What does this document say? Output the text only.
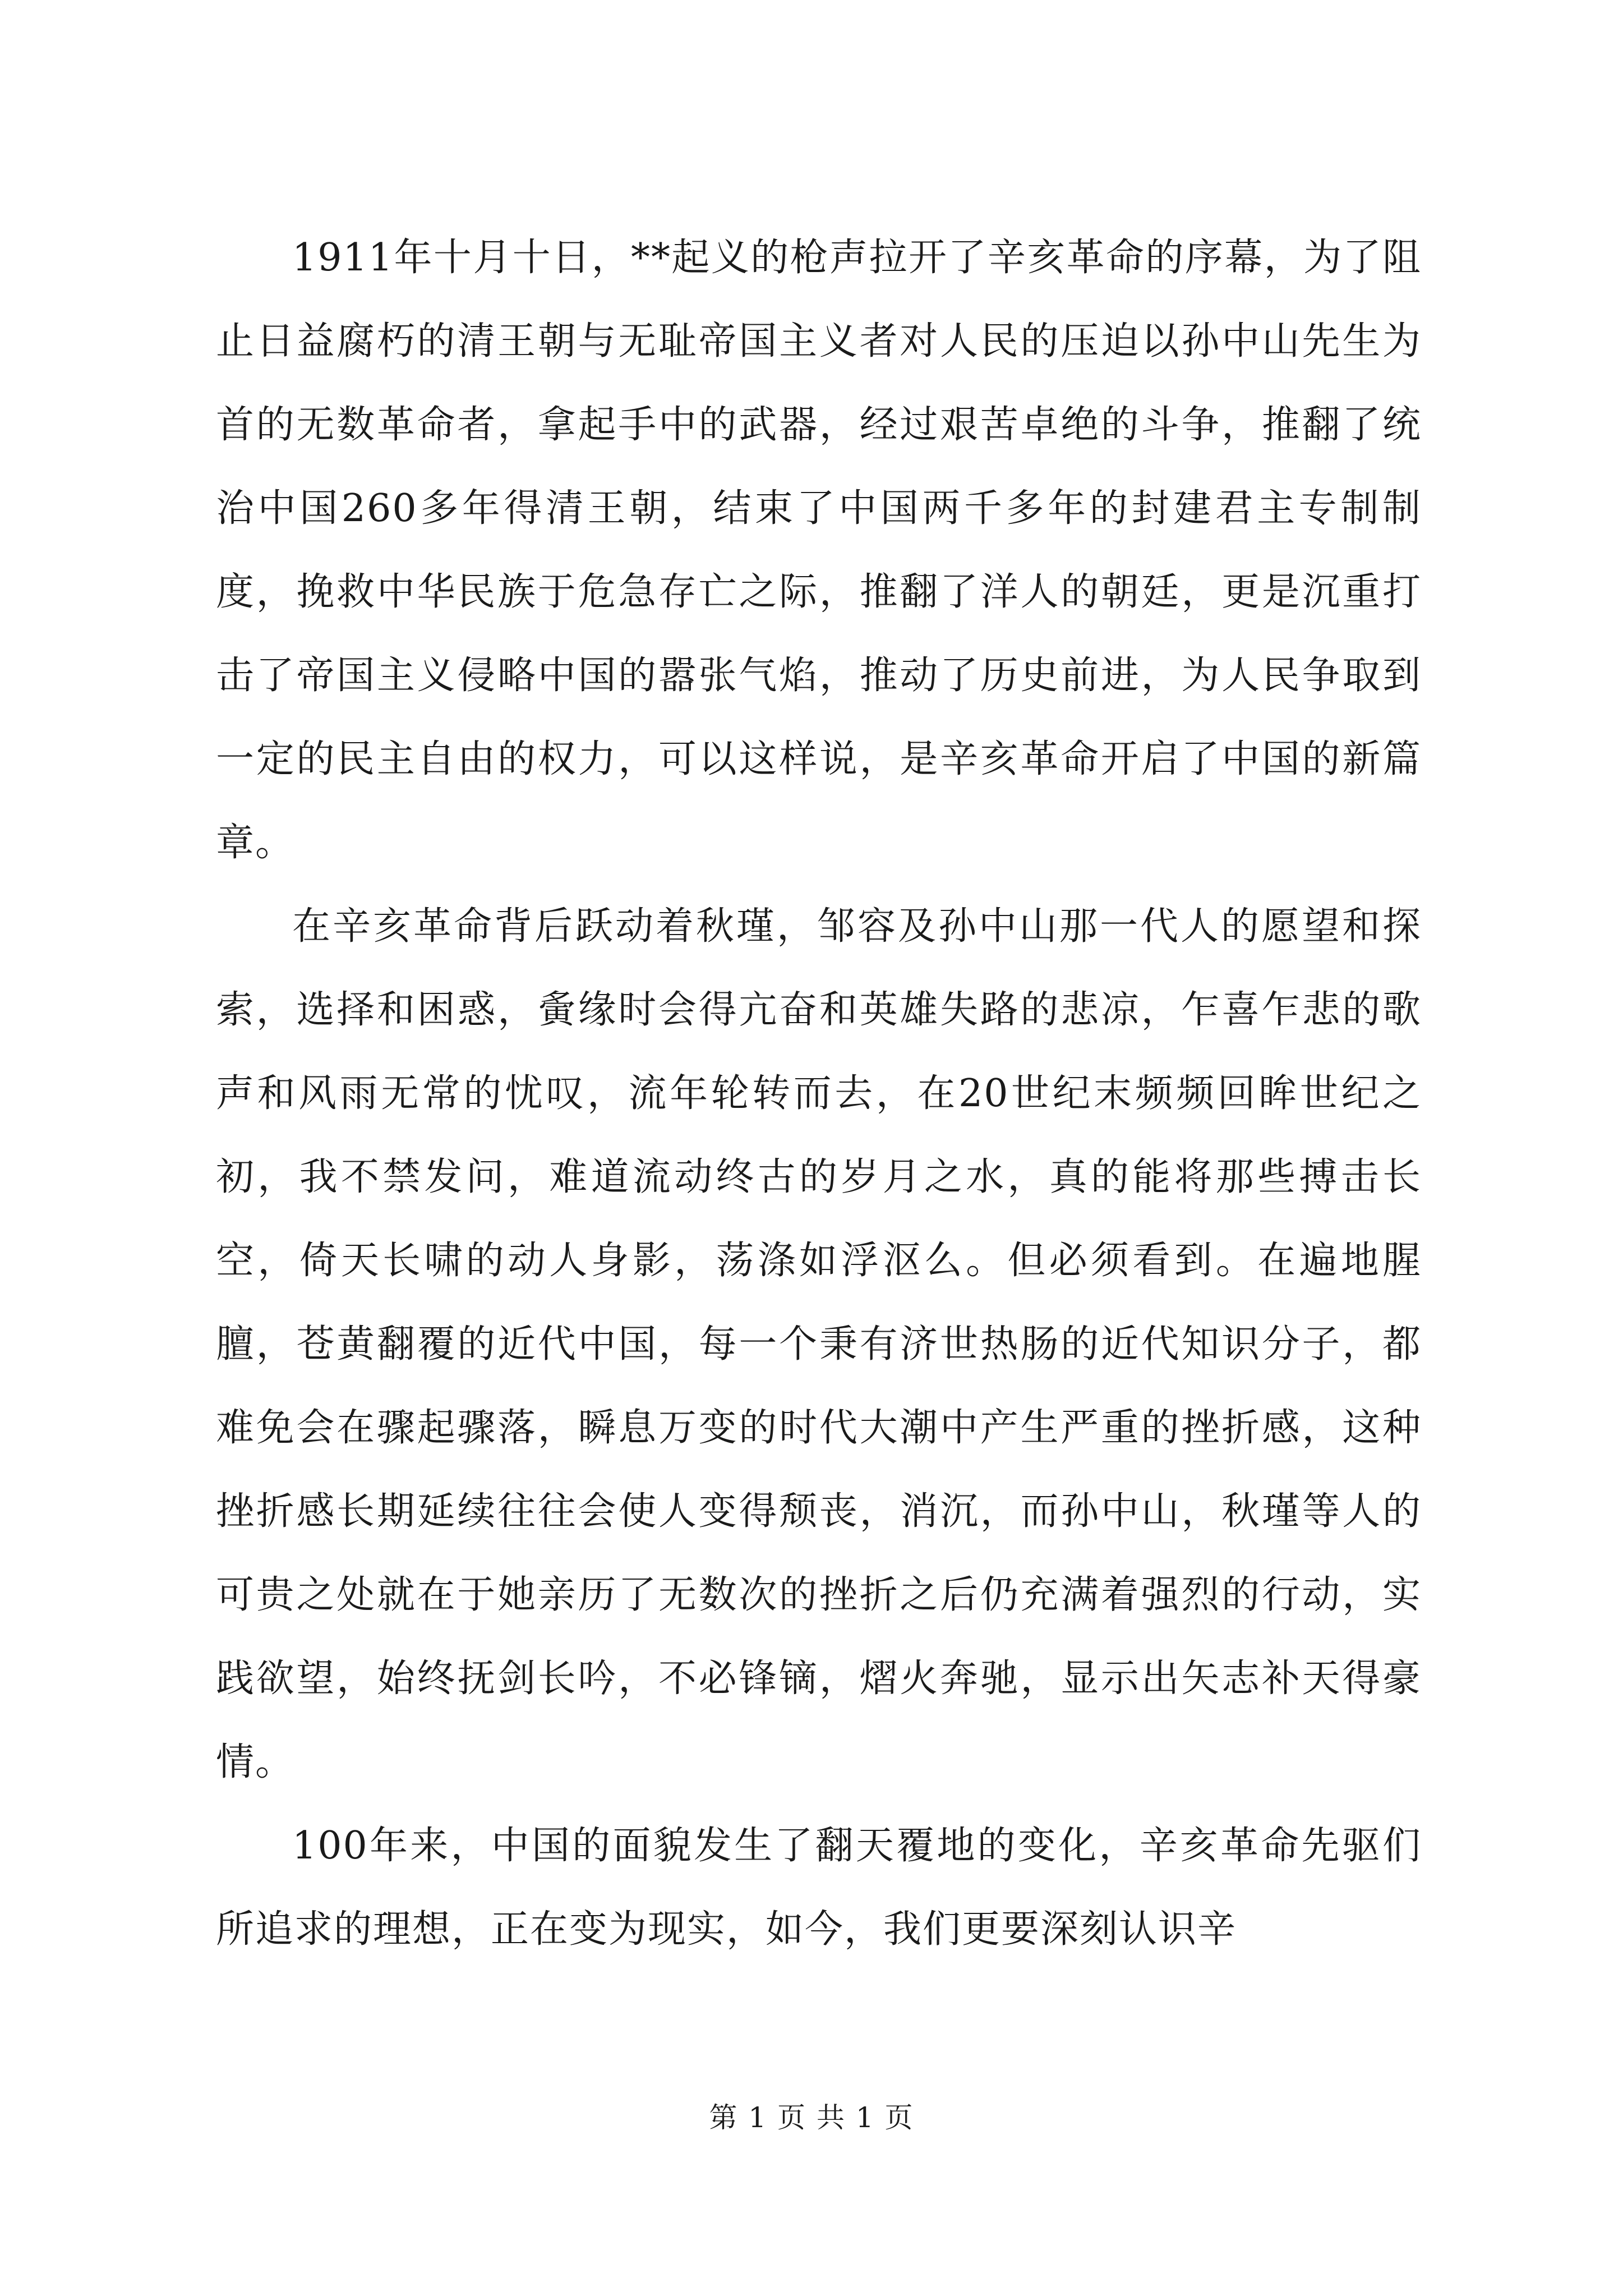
1911年十月十日，**起义的枪声拉开了辛亥革命的序幕，为了阻止日益腐朽的清王朝与无耻帝国主义者对人民的压迫以孙中山先生为首的无数革命者，拿起手中的武器，经过艰苦卓绝的斗争，推翻了统治中国260多年得清王朝，结束了中国两千多年的封建君主专制制度，挽救中华民族于危急存亡之际，推翻了洋人的朝廷，更是沉重打击了帝国主义侵略中国的嚣张气焰，推动了历史前进，为人民争取到一定的民主自由的权力，可以这样说，是辛亥革命开启了中国的新篇章。

在辛亥革命背后跃动着秋瑾，邹容及孙中山那一代人的愿望和探索，选择和困惑，夤缘时会得亢奋和英雄失路的悲凉，乍喜乍悲的歌声和风雨无常的忧叹，流年轮转而去，在20世纪末频频回眸世纪之初，我不禁发问，难道流动终古的岁月之水，真的能将那些搏击长空，倚天长啸的动人身影，荡涤如浮沤么。但必须看到。在遍地腥膻，苍黄翻覆的近代中国，每一个秉有济世热肠的近代知识分子，都难免会在骤起骤落，瞬息万变的时代大潮中产生严重的挫折感，这种挫折感长期延续往往会使人变得颓丧，消沉，而孙中山，秋瑾等人的可贵之处就在于她亲历了无数次的挫折之后仍充满着强烈的行动，实践欲望，始终抚剑长吟，不必锋镝，熠火奔驰，显示出矢志补天得豪情。

100年来，中国的面貌发生了翻天覆地的变化，辛亥革命先驱们所追求的理想，正在变为现实，如今，我们更要深刻认识辛

第 1 页 共 1 页
